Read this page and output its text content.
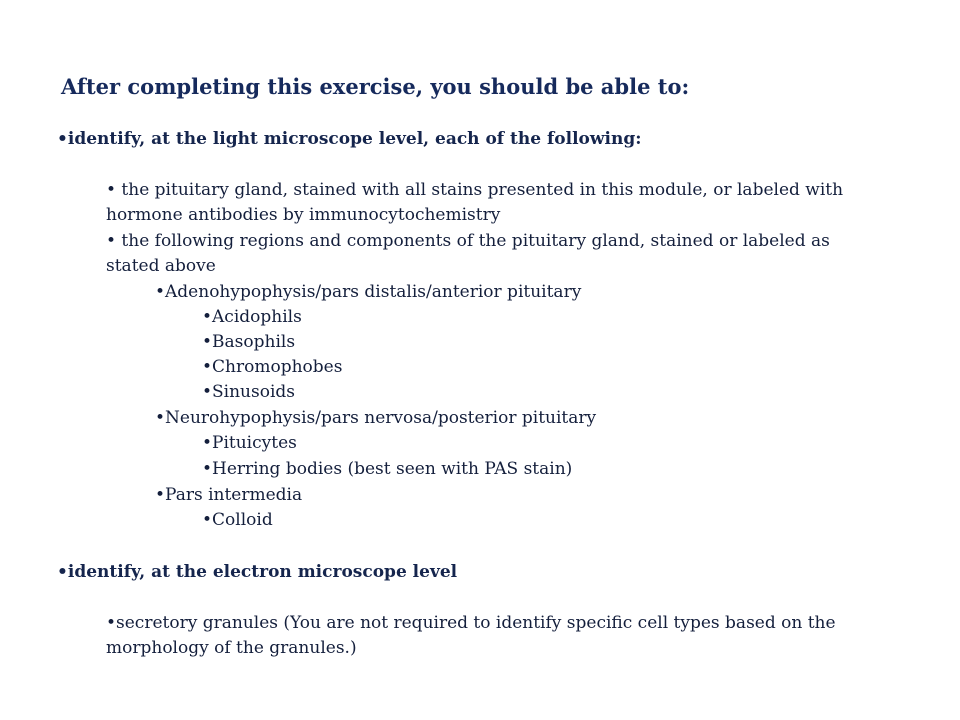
After completing this exercise, you should be able to:
•identify, at the light microscope level, each of the following:
• the pituitary gland, stained with all stains presented in this module, or labeled with
hormone antibodies by immunocytochemistry
• the following regions and components of the pituitary gland, stained or labeled as
stated above
•Adenohypophysis/pars distalis/anterior pituitary
•Acidophils
•Basophils
•Chromophobes
•Sinusoids
•Neurohypophysis/pars nervosa/posterior pituitary
•Pituicytes
•Herring bodies (best seen with PAS stain)
•Pars intermedia
•Colloid
•identify, at the electron microscope level
•secretory granules (You are not required to identify specific cell types based on the
morphology of the granules.)
